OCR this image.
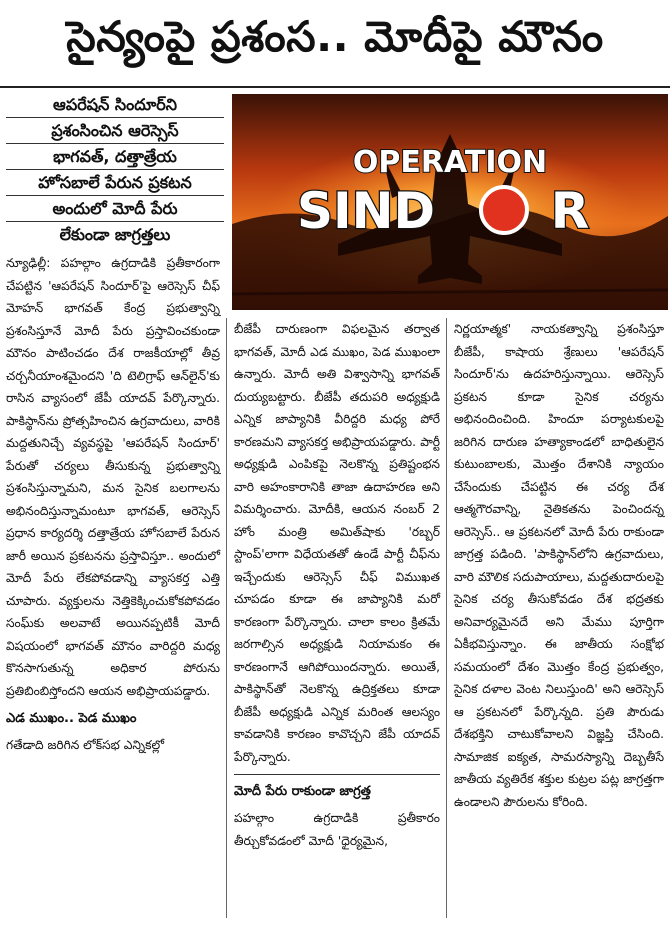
సైన్యంపై ప్రశంస.. మోదీపై మౌనం
ఆపరేషన్ సిందూర్‌ని
ప్రశంసించిన ఆరెస్సెస్
భాగవత్, దత్తాత్రేయ
హోసబాలే పేరున ప్రకటన
అందులో మోదీ పేరు
లేకుండా జాగ్రత్తలు
OPERATION
SIND R

న్యూఢిల్లీ: పహల్గాం ఉగ్రదాడికి ప్రతీకారంగా చేపట్టిన 'ఆపరేషన్ సిందూర్'పై ఆరెస్సెస్ చీఫ్ మోహన్ భాగవత్ కేంద్ర ప్రభుత్వాన్ని ప్రశంసిస్తూనే మోదీ పేరు ప్రస్తావించకుండా మౌనం పాటించడం దేశ రాజకీయాల్లో తీవ్ర చర్చనీయాంశమైందని 'ది టెలిగ్రాఫ్ ఆన్‌లైన్'కు రాసిన వ్యాసంలో జేపీ యాదవ్ పేర్కొన్నారు. పాకిస్థాన్‌ను ప్రోత్సహించిన ఉగ్రవాదులు, వారికి మద్దతునిచ్చే వ్యవస్థపై 'ఆపరేషన్ సిందూర్' పేరుతో చర్యలు తీసుకున్న ప్రభుత్వాన్ని ప్రశంసిస్తున్నామని, మన సైనిక బలగాలను అభినందిస్తున్నామంటూ భాగవత్, ఆరెస్సెస్ ప్రధాన కార్యదర్శి దత్తాత్రేయ హోసబాలే పేరున జారీ అయిన ప్రకటనను ప్రస్తావిస్తూ.. అందులో మోదీ పేరు లేకపోవడాన్ని వ్యాసకర్త ఎత్తి చూపారు. వ్యక్తులను నెత్తికెక్కించుకోకపోవడం సంఘ్‌కు అలవాటే అయినప్పటికీ మోదీ విషయంలో భాగవత్ మౌనం వారిద్దరి మధ్య కొనసాగుతున్న అధికార పోరును ప్రతిబింబిస్తోందని ఆయన అభిప్రాయపడ్డారు.

ఎడ ముఖం.. పెడ ముఖం

గతేడాది జరిగిన లోక్‌సభ ఎన్నికల్లో

బీజేపీ దారుణంగా విఫలమైన తర్వాత భాగవత్, మోదీ ఎడ ముఖం, పెడ ముఖంలా ఉన్నారు. మోదీ అతి విశ్వాసాన్ని భాగవత్ దుయ్యబట్టారు. బీజేపీ తదుపరి అధ్యక్షుడి ఎన్నిక జాప్యానికి వీరిద్దరి మధ్య పోరే కారణమని వ్యాసకర్త అభిప్రాయపడ్డారు. పార్టీ అధ్యక్షుడి ఎంపికపై నెలకొన్న ప్రతిష్టంభన వారి అహంకారానికి తాజా ఉదాహరణ అని విమర్శించారు. మోదీకి, ఆయన నంబర్ 2 హోం మంత్రి అమిత్‌షాకు 'రబ్బర్ స్టాంప్'లాగా విధేయతతో ఉండే పార్టీ చీఫ్‌ను ఇచ్చేందుకు ఆరెస్సెస్ చీఫ్ విముఖత చూపడం కూడా ఈ జాప్యానికి మరో కారణంగా పేర్కొన్నారు. చాలా కాలం క్రితమే జరగాల్సిన అధ్యక్షుడి నియామకం ఈ కారణంగానే ఆగిపోయిందన్నారు. అయితే, పాకిస్థాన్‌తో నెలకొన్న ఉద్రిక్తతలు కూడా బీజేపీ అధ్యక్షుడి ఎన్నిక మరింత ఆలస్యం కావడానికి కారణం కావొచ్చని జేపీ యాదవ్ పేర్కొన్నారు.

మోదీ పేరు రాకుండా జాగ్రత్త

పహల్గాం ఉగ్రదాడికి ప్రతీకారం తీర్చుకోవడంలో మోదీ 'ధైర్యమైన,

నిర్ణయాత్మక' నాయకత్వాన్ని ప్రశంసిస్తూ బీజేపీ, కాషాయ శ్రేణులు 'ఆపరేషన్ సిందూర్'ను ఉదహరిస్తున్నాయి. ఆరెస్సెస్ ప్రకటన కూడా సైనిక చర్యను అభినందించింది. హిందూ పర్యాటకులపై జరిగిన దారుణ హత్యాకాండలో బాధితులైన కుటుంబాలకు, మొత్తం దేశానికి న్యాయం చేసేందుకు చేపట్టిన ఈ చర్య దేశ ఆత్మగౌరవాన్ని, నైతికతను పెంచిందన్న ఆరెస్సెస్.. ఆ ప్రకటనలో మోదీ పేరు రాకుండా జాగ్రత్త పడింది. 'పాకిస్థాన్‌లోని ఉగ్రవాదులు, వారి మౌలిక సదుపాయాలు, మద్దతుదారులపై సైనిక చర్య తీసుకోవడం దేశ భద్రతకు అనివార్యమైనదే అని మేము పూర్తిగా ఏకీభవిస్తున్నాం. ఈ జాతీయ సంక్షోభ సమయంలో దేశం మొత్తం కేంద్ర ప్రభుత్వం, సైనిక దళాల వెంట నిలుస్తుంది' అని ఆరెస్సెస్ ఆ ప్రకటనలో పేర్కొన్నది. ప్రతి పౌరుడు దేశభక్తిని చాటుకోవాలని విజ్ఞప్తి చేసింది. సామాజిక ఐక్యత, సామరస్యాన్ని దెబ్బతీసే జాతీయ వ్యతిరేక శక్తుల కుట్రల పట్ల జాగ్రత్తగా ఉండాలని పౌరులను కోరింది.
